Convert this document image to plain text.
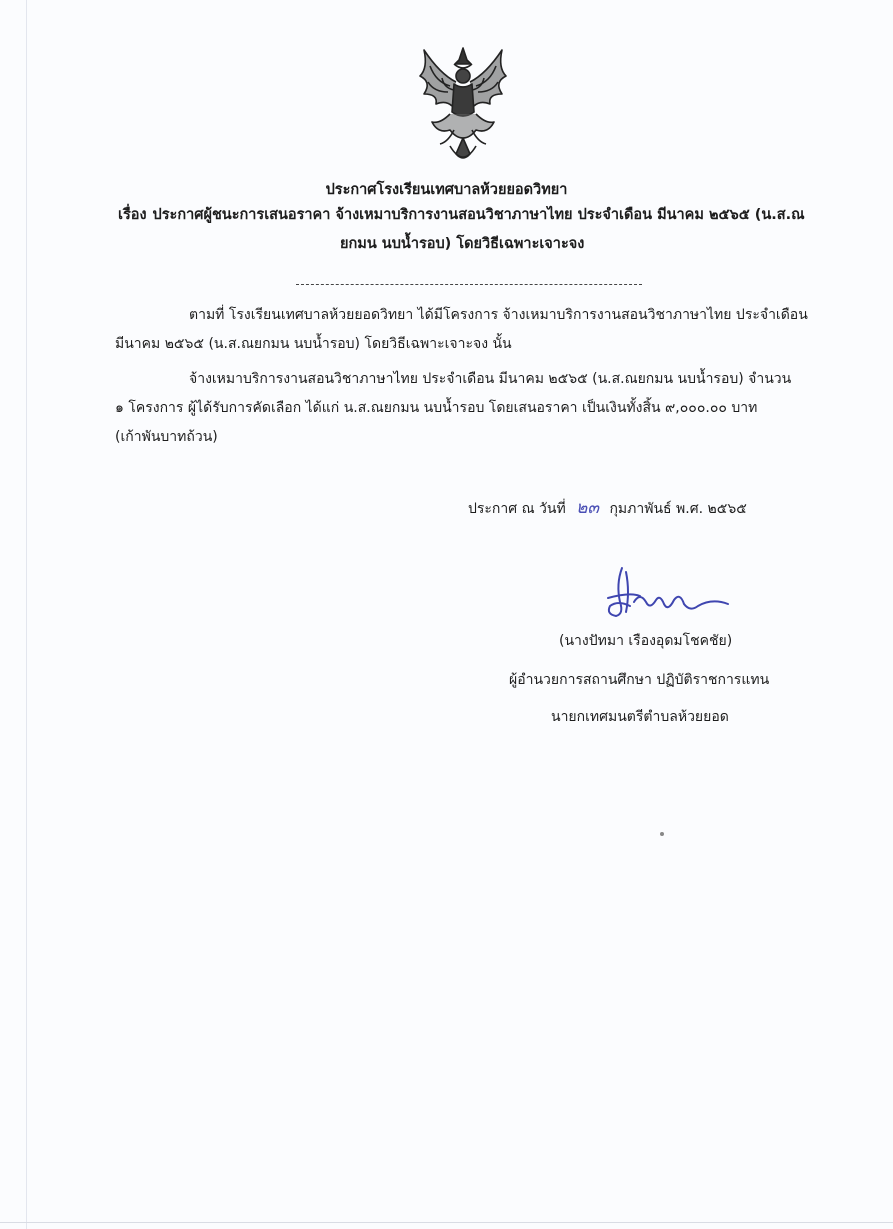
ประกาศโรงเรียนเทศบาลห้วยยอดวิทยา
เรื่อง ประกาศผู้ชนะการเสนอราคา จ้างเหมาบริการงานสอนวิชาภาษาไทย ประจำเดือน มีนาคม ๒๕๖๕ (น.ส.ณ
ยกมน นบน้ำรอบ) โดยวิธีเฉพาะเจาะจง

ตามที่ โรงเรียนเทศบาลห้วยยอดวิทยา ได้มีโครงการ จ้างเหมาบริการงานสอนวิชาภาษาไทย ประจำเดือน

มีนาคม ๒๕๖๕ (น.ส.ณยกมน นบน้ำรอบ) โดยวิธีเฉพาะเจาะจง นั้น

จ้างเหมาบริการงานสอนวิชาภาษาไทย ประจำเดือน มีนาคม ๒๕๖๕ (น.ส.ณยกมน นบน้ำรอบ) จำนวน

๑ โครงการ ผู้ได้รับการคัดเลือก ได้แก่ น.ส.ณยกมน นบน้ำรอบ โดยเสนอราคา เป็นเงินทั้งสิ้น ๙,๐๐๐.๐๐ บาท

(เก้าพันบาทถ้วน)

ประกาศ ณ วันที่ ๒๓ กุมภาพันธ์ พ.ศ. ๒๕๖๕
(นางปัทมา เรืองอุดมโชคชัย)
ผู้อำนวยการสถานศึกษา ปฏิบัติราชการแทน
นายกเทศมนตรีตำบลห้วยยอด
